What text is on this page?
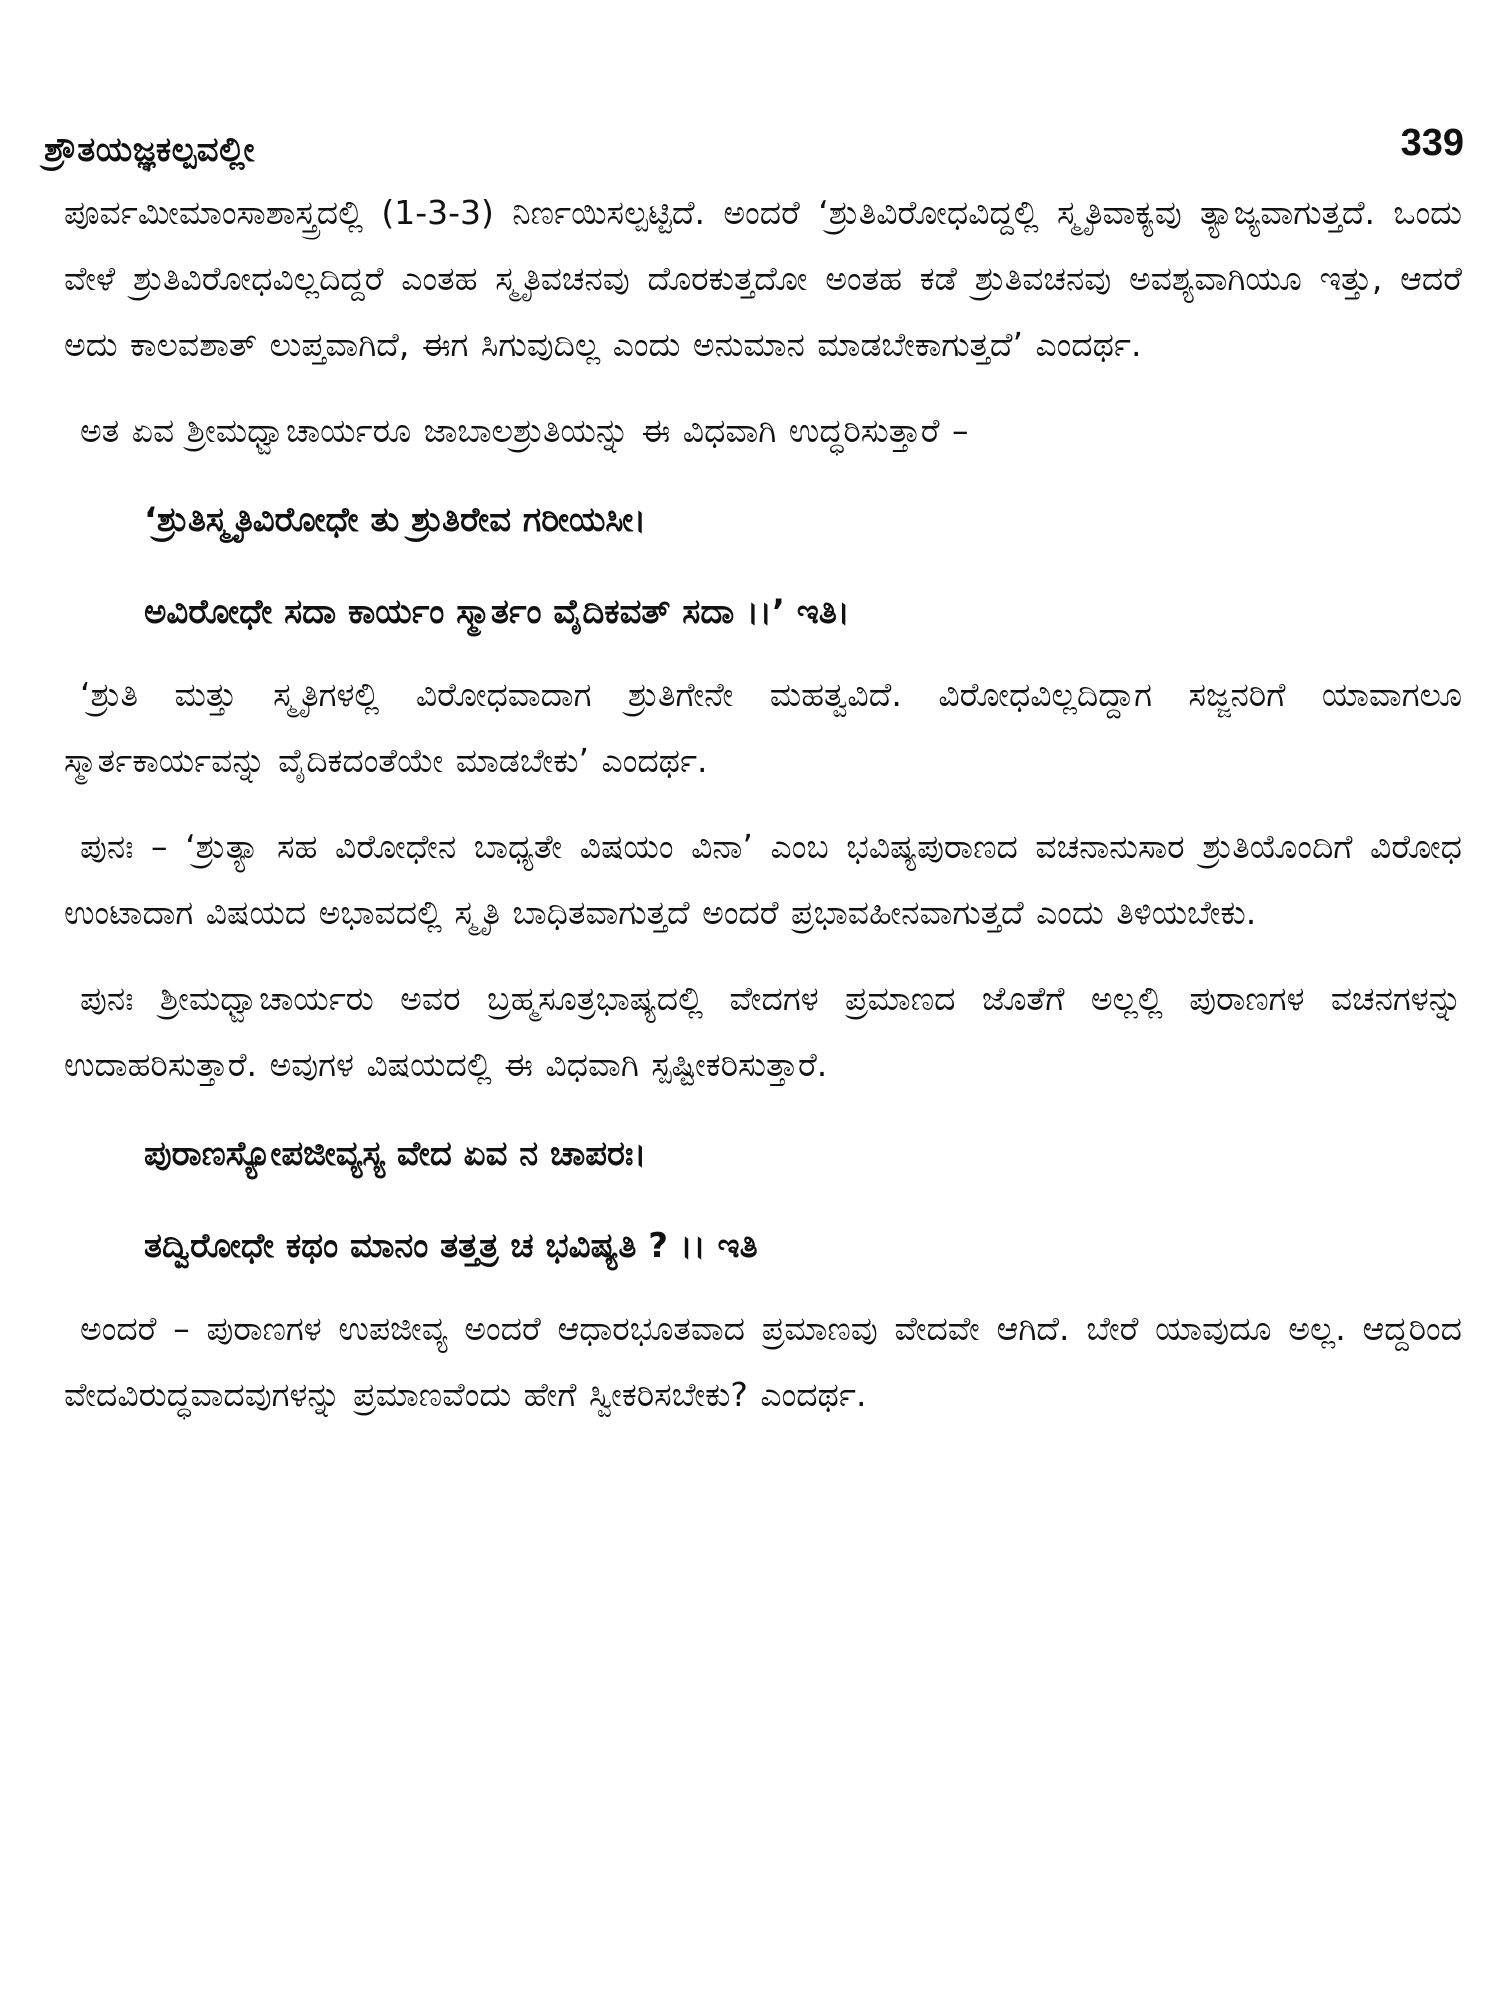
ಶ್ರೌತಯಜ್ಞಕಲ್ಪವಲ್ಲೀ	339

ಪೂರ್ವಮೀಮಾಂಸಾಶಾಸ್ತ್ರದಲ್ಲಿ (1-3-3) ನಿರ್ಣಯಿಸಲ್ಪಟ್ಟಿದೆ. ಅಂದರೆ ‘ಶ್ರುತಿವಿರೋಧವಿದ್ದಲ್ಲಿ ಸ್ಮೃತಿವಾಕ್ಯವು ತ್ಯಾಜ್ಯವಾಗುತ್ತದೆ. ಒಂದು ವೇಳೆ ಶ್ರುತಿವಿರೋಧವಿಲ್ಲದಿದ್ದರೆ ಎಂತಹ ಸ್ಮೃತಿವಚನವು ದೊರಕುತ್ತದೋ ಅಂತಹ ಕಡೆ ಶ್ರುತಿವಚನವು ಅವಶ್ಯವಾಗಿಯೂ ಇತ್ತು, ಆದರೆ ಅದು ಕಾಲವಶಾತ್ ಲುಪ್ತವಾಗಿದೆ, ಈಗ ಸಿಗುವುದಿಲ್ಲ ಎಂದು ಅನುಮಾನ ಮಾಡಬೇಕಾಗುತ್ತದೆ’ ಎಂದರ್ಥ.

ಅತ ಏವ ಶ್ರೀಮಧ್ವಾಚಾರ್ಯರೂ ಜಾಬಾಲಶ್ರುತಿಯನ್ನು ಈ ವಿಧವಾಗಿ ಉದ್ಧರಿಸುತ್ತಾರೆ –

‘ಶ್ರುತಿಸ್ಮೃತಿವಿರೋಧೇ ತು ಶ್ರುತಿರೇವ ಗರೀಯಸೀ।

ಅವಿರೋಧೇ ಸದಾ ಕಾರ್ಯಂ ಸ್ಮಾರ್ತಂ ವೈದಿಕವತ್ ಸದಾ ।।’ ಇತಿ।

‘ಶ್ರುತಿ ಮತ್ತು ಸ್ಮೃತಿಗಳಲ್ಲಿ ವಿರೋಧವಾದಾಗ ಶ್ರುತಿಗೇನೇ ಮಹತ್ವವಿದೆ. ವಿರೋಧವಿಲ್ಲದಿದ್ದಾಗ ಸಜ್ಜನರಿಗೆ ಯಾವಾಗಲೂ ಸ್ಮಾರ್ತಕಾರ್ಯವನ್ನು ವೈದಿಕದಂತೆಯೇ ಮಾಡಬೇಕು’ ಎಂದರ್ಥ.

ಪುನಃ – ‘ಶ್ರುತ್ಯಾ ಸಹ ವಿರೋಧೇನ ಬಾಧ್ಯತೇ ವಿಷಯಂ ವಿನಾ’ ಎಂಬ ಭವಿಷ್ಯಪುರಾಣದ ವಚನಾನುಸಾರ ಶ್ರುತಿಯೊಂದಿಗೆ ವಿರೋಧ ಉಂಟಾದಾಗ ವಿಷಯದ ಅಭಾವದಲ್ಲಿ ಸ್ಮೃತಿ ಬಾಧಿತವಾಗುತ್ತದೆ ಅಂದರೆ ಪ್ರಭಾವಹೀನವಾಗುತ್ತದೆ ಎಂದು ತಿಳಿಯಬೇಕು.

ಪುನಃ ಶ್ರೀಮಧ್ವಾಚಾರ್ಯರು ಅವರ ಬ್ರಹ್ಮಸೂತ್ರಭಾಷ್ಯದಲ್ಲಿ ವೇದಗಳ ಪ್ರಮಾಣದ ಜೊತೆಗೆ ಅಲ್ಲಲ್ಲಿ ಪುರಾಣಗಳ ವಚನಗಳನ್ನು ಉದಾಹರಿಸುತ್ತಾರೆ. ಅವುಗಳ ವಿಷಯದಲ್ಲಿ ಈ ವಿಧವಾಗಿ ಸ್ಪಷ್ಟೀಕರಿಸುತ್ತಾರೆ.

ಪುರಾಣಸ್ಯೋಪಜೀವ್ಯಸ್ಯ ವೇದ ಏವ ನ ಚಾಪರಃ।

ತದ್ವಿರೋಧೇ ಕಥಂ ಮಾನಂ ತತ್ತತ್ರ ಚ ಭವಿಷ್ಯತಿ ? ।। ಇತಿ

ಅಂದರೆ – ಪುರಾಣಗಳ ಉಪಜೀವ್ಯ ಅಂದರೆ ಆಧಾರಭೂತವಾದ ಪ್ರಮಾಣವು ವೇದವೇ ಆಗಿದೆ. ಬೇರೆ ಯಾವುದೂ ಅಲ್ಲ. ಆದ್ದರಿಂದ ವೇದವಿರುದ್ಧವಾದವುಗಳನ್ನು ಪ್ರಮಾಣವೆಂದು ಹೇಗೆ ಸ್ವೀಕರಿಸಬೇಕು? ಎಂದರ್ಥ.
